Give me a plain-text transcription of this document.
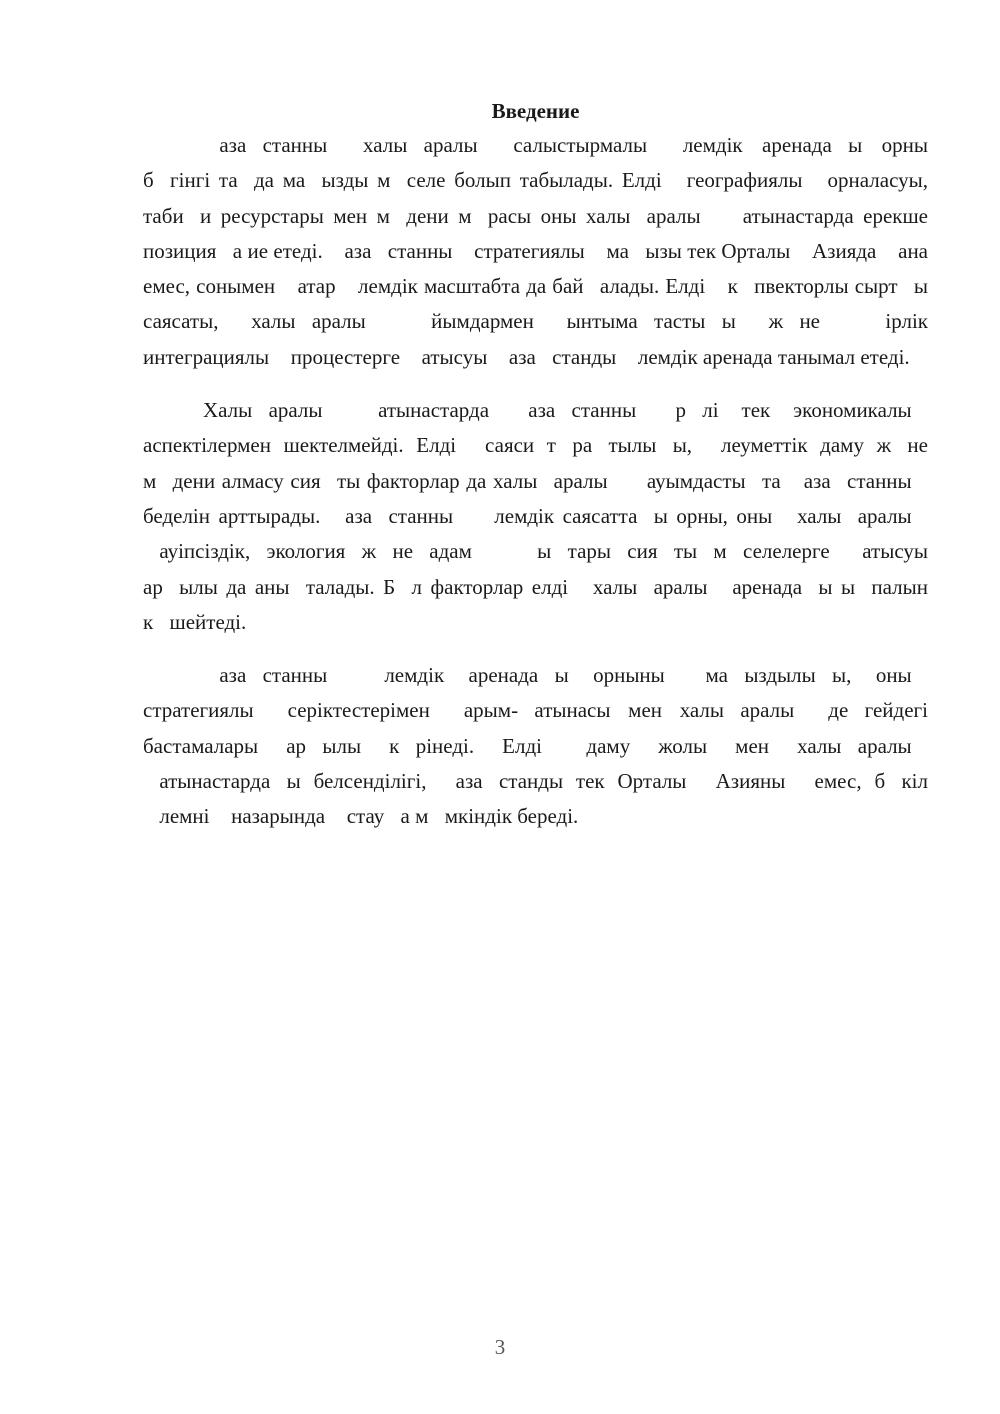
Введение

 аза станны  халы аралы  салыстырмалы  лемдік аренада ы орны б гінгі та да ма ызды м селе болып табылады. Елді  географиялы  орналасуы, таби и ресурстары мен м дени м расы оны халы аралы   атынастарда ерекше позиция а ие етеді.  аза станны  стратегиялы  ма ызы тек Орталы  Азияда  ана емес, сонымен  атар  лемдік масштабта да бай алады. Елді  к пвекторлы сырт ы саясаты, халы аралы   йымдармен ынтыма тасты ы ж не   ірлік интеграциялы  процестерге  атысуы  аза станды  лемдік аренада танымал етеді.

Халы аралы   атынастарда  аза станны  р лі тек экономикалы  аспектілермен шектелмейді. Елді  саяси т ра тылы ы,  леуметтік даму ж не м дени алмасу сия ты факторлар да халы аралы   ауымдасты та  аза станны  беделін арттырады.  аза станны   лемдік саясатта ы орны, оны  халы аралы   ауіпсіздік, экология ж не адам    ы тары сия ты м селелерге  атысуы ар ылы да аны талады. Б л факторлар елді  халы аралы  аренада ы ы палын к шейтеді.

 аза станны   лемдік аренада ы орныны  ма ыздылы ы, оны  стратегиялы  серіктестерімен  арым- атынасы мен халы аралы  де гейдегі бастамалары ар ылы к рінеді. Елді  даму жолы мен халы аралы   атынастарда ы белсенділігі,  аза станды тек Орталы  Азияны  емес, б кіл  лемні  назарында  стау а м мкіндік береді.

3
